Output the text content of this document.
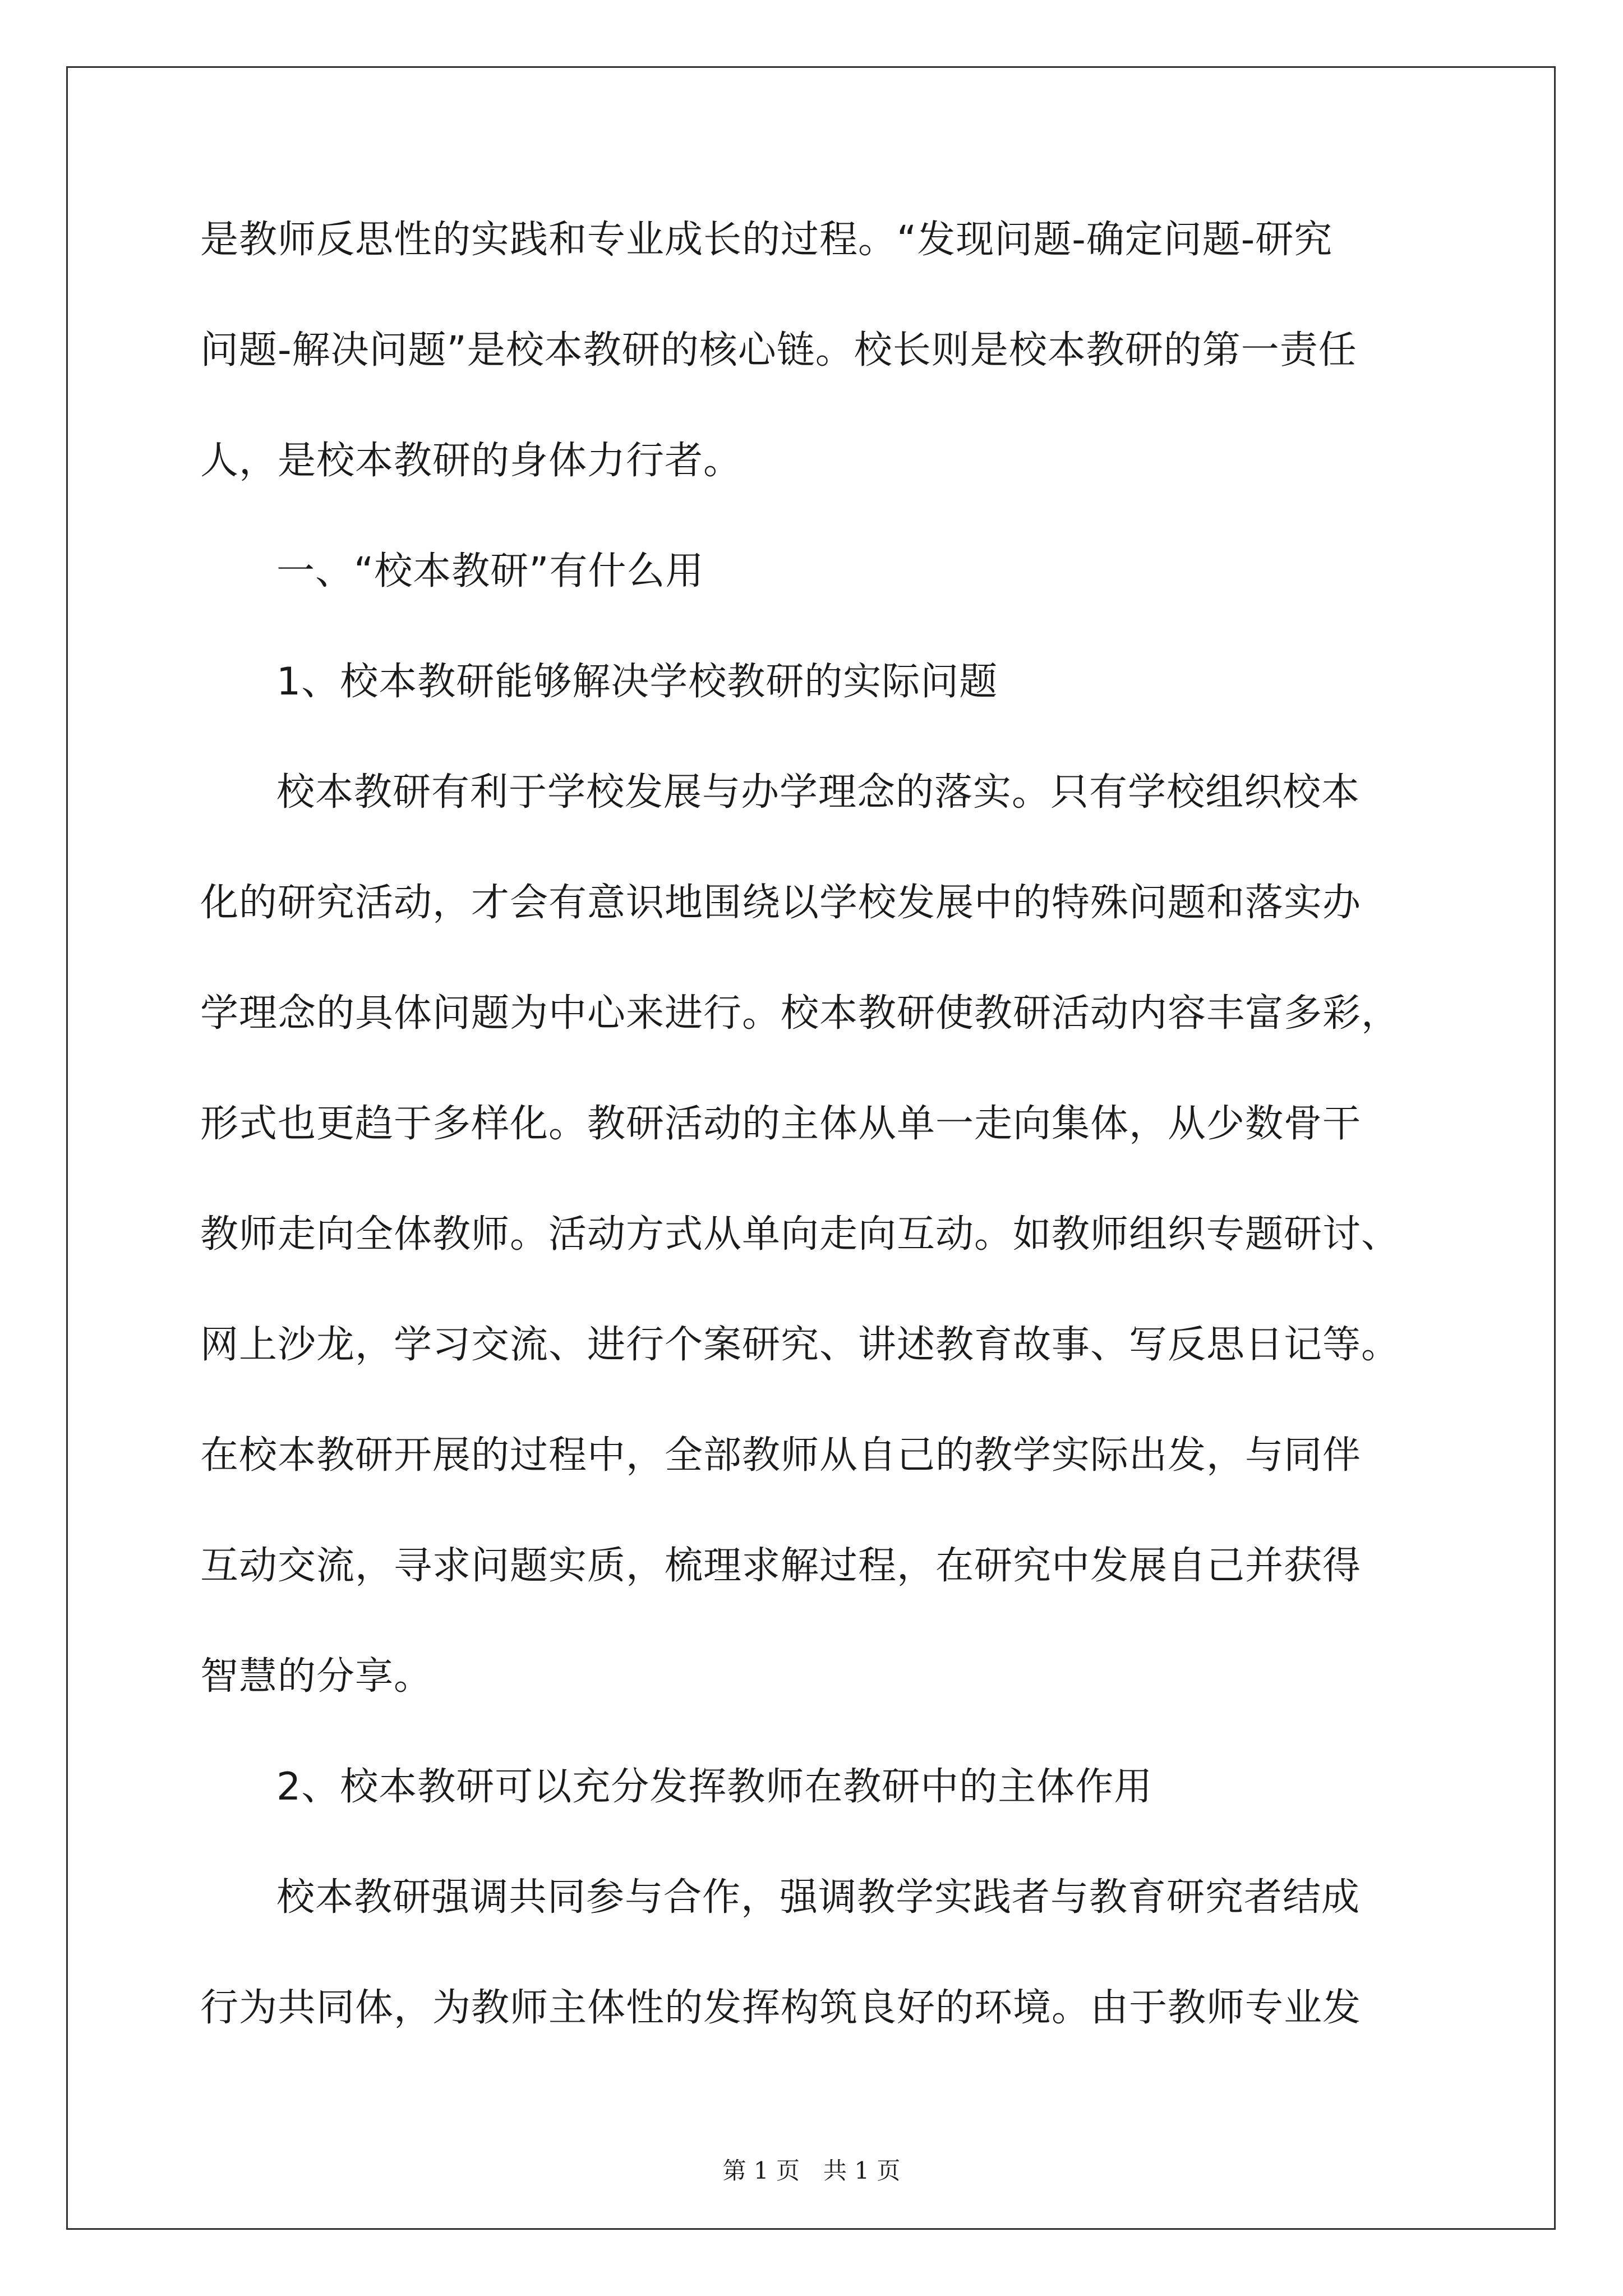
是教师反思性的实践和专业成长的过程。“发现问题-确定问题-研究
问题-解决问题”是校本教研的核心链。校长则是校本教研的第一责任
人，是校本教研的身体力行者。
一、“校本教研”有什么用
1、校本教研能够解决学校教研的实际问题
校本教研有利于学校发展与办学理念的落实。只有学校组织校本
化的研究活动，才会有意识地围绕以学校发展中的特殊问题和落实办
学理念的具体问题为中心来进行。校本教研使教研活动内容丰富多彩，
形式也更趋于多样化。教研活动的主体从单一走向集体，从少数骨干
教师走向全体教师。活动方式从单向走向互动。如教师组织专题研讨、
网上沙龙，学习交流、进行个案研究、讲述教育故事、写反思日记等。
在校本教研开展的过程中，全部教师从自己的教学实际出发，与同伴
互动交流，寻求问题实质，梳理求解过程，在研究中发展自己并获得
智慧的分享。
2、校本教研可以充分发挥教师在教研中的主体作用
校本教研强调共同参与合作，强调教学实践者与教育研究者结成
行为共同体，为教师主体性的发挥构筑良好的环境。由于教师专业发
第 1 页　共 1 页
